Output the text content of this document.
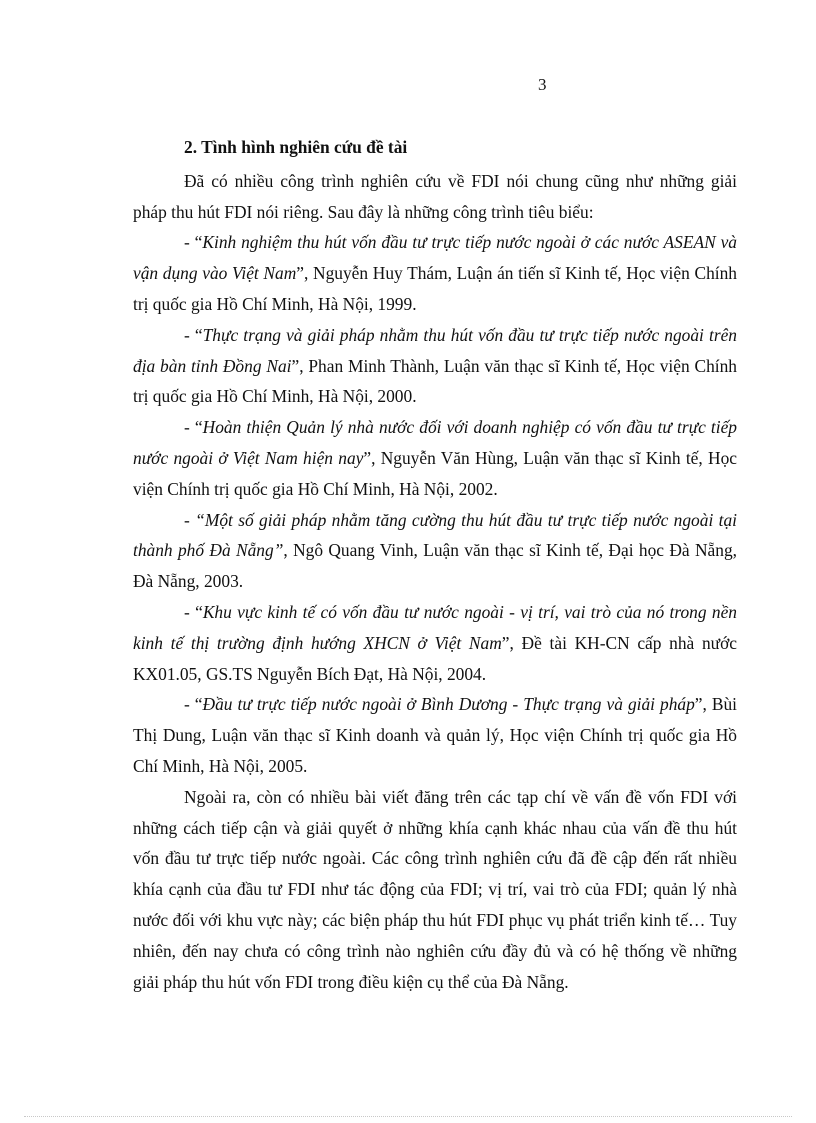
3

2. Tình hình nghiên cứu đề tài

Đã có nhiều công trình nghiên cứu về FDI nói chung cũng như những giải pháp thu hút FDI nói riêng. Sau đây là những công trình tiêu biểu:

- “Kinh nghiệm thu hút vốn đầu tư trực tiếp nước ngoài ở các nước ASEAN và vận dụng vào Việt Nam”, Nguyễn Huy Thám, Luận án tiến sĩ Kinh tế, Học viện Chính trị quốc gia Hồ Chí Minh, Hà Nội, 1999.

- “Thực trạng và giải pháp nhằm thu hút vốn đầu tư trực tiếp nước ngoài trên địa bàn tỉnh Đồng Nai”, Phan Minh Thành, Luận văn thạc sĩ Kinh tế, Học viện Chính trị quốc gia Hồ Chí Minh, Hà Nội, 2000.

- “Hoàn thiện Quản lý nhà nước đối với doanh nghiệp có vốn đầu tư trực tiếp nước ngoài ở Việt Nam hiện nay”, Nguyễn Văn Hùng, Luận văn thạc sĩ Kinh tế, Học viện Chính trị quốc gia Hồ Chí Minh, Hà Nội, 2002.

- “Một số giải pháp nhằm tăng cường thu hút đầu tư trực tiếp nước ngoài tại thành phố Đà Nẵng”, Ngô Quang Vinh, Luận văn thạc sĩ Kinh tế, Đại học Đà Nẵng, Đà Nẵng, 2003.

- “Khu vực kinh tế có vốn đầu tư nước ngoài - vị trí, vai trò của nó trong nền kinh tế thị trường định hướng XHCN ở Việt Nam”, Đề tài KH-CN cấp nhà nước KX01.05, GS.TS Nguyễn Bích Đạt, Hà Nội, 2004.

- “Đầu tư trực tiếp nước ngoài ở Bình Dương - Thực trạng và giải pháp”, Bùi Thị Dung, Luận văn thạc sĩ Kinh doanh và quản lý, Học viện Chính trị quốc gia Hồ Chí Minh, Hà Nội, 2005.

Ngoài ra, còn có nhiều bài viết đăng trên các tạp chí về vấn đề vốn FDI với những cách tiếp cận và giải quyết ở những khía cạnh khác nhau của vấn đề thu hút vốn đầu tư trực tiếp nước ngoài. Các công trình nghiên cứu đã đề cập đến rất nhiều khía cạnh của đầu tư FDI như tác động của FDI; vị trí, vai trò của FDI; quản lý nhà nước đối với khu vực này; các biện pháp thu hút FDI phục vụ phát triển kinh tế… Tuy nhiên, đến nay chưa có công trình nào nghiên cứu đầy đủ và có hệ thống về những giải pháp thu hút vốn FDI trong điều kiện cụ thể của Đà Nẵng.
